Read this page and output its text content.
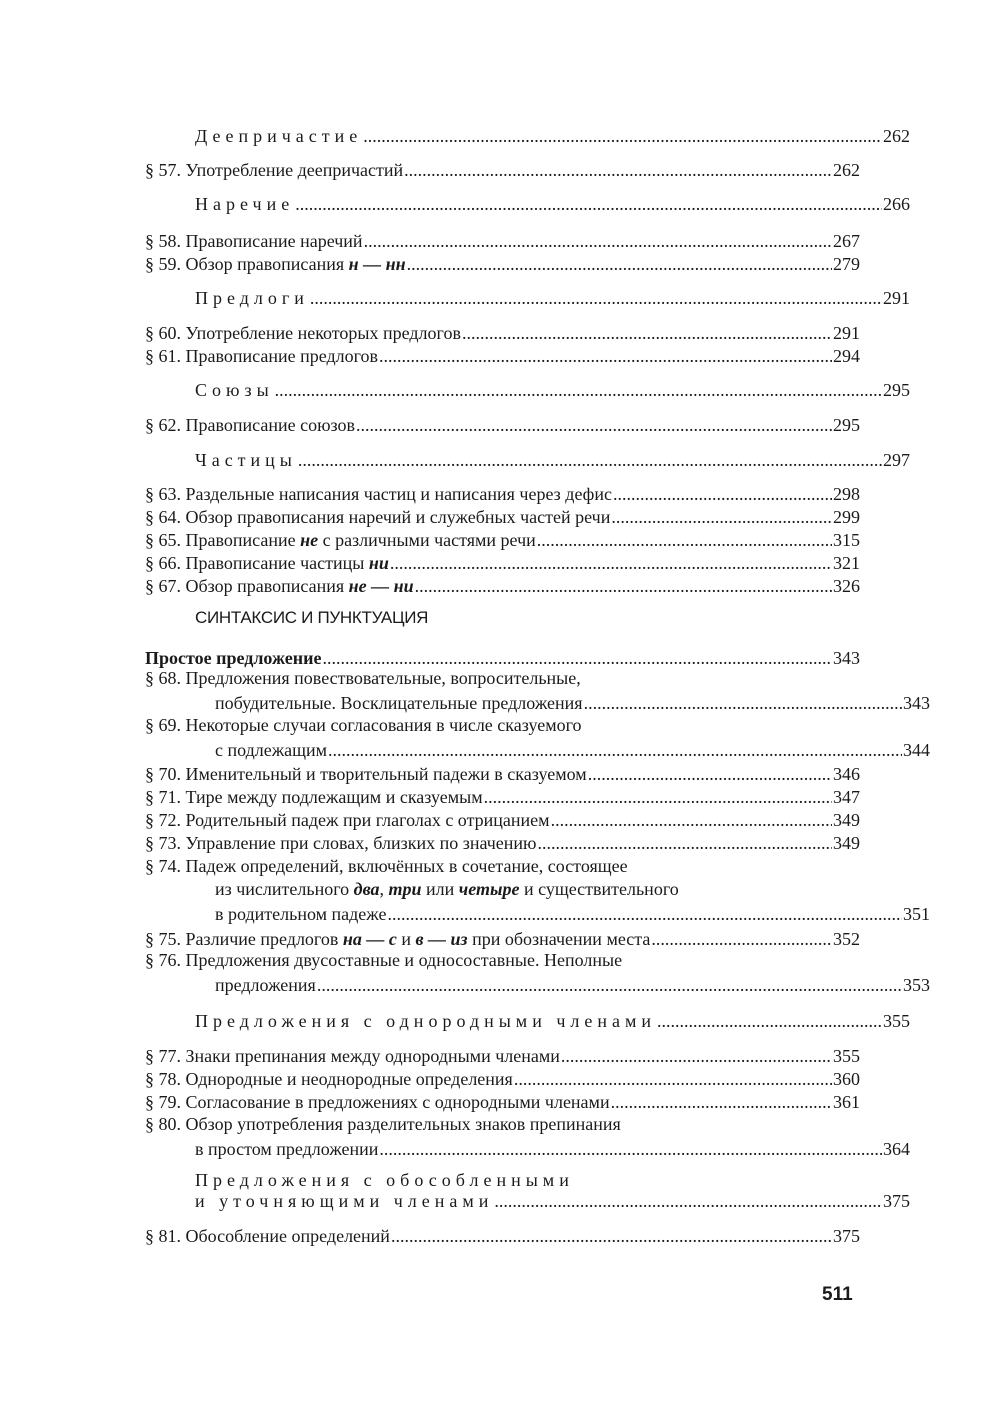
Деепричастие .....	262
§ 57. Употребление деепричастий .....	262
Наречие .....	266
§ 58. Правописание наречий .....	267
§ 59. Обзор правописания н — нн .....	279
Предлоги .....	291
§ 60. Употребление некоторых предлогов .....	291
§ 61. Правописание предлогов .....	294
Союзы .....	295
§ 62. Правописание союзов .....	295
Частицы .....	297
§ 63. Раздельные написания частиц и написания через дефис .....	298
§ 64. Обзор правописания наречий и служебных частей речи .....	299
§ 65. Правописание не с различными частями речи .....	315
§ 66. Правописание частицы ни .....	321
§ 67. Обзор правописания не — ни .....	326
СИНТАКСИС И ПУНКТУАЦИЯ
Простое предложение .....	343
§ 68. Предложения повествовательные, вопросительные,
побудительные. Восклицательные предложения .....	343
§ 69. Некоторые случаи согласования в числе сказуемого
с подлежащим .....	344
§ 70. Именительный и творительный падежи в сказуемом .....	346
§ 71. Тире между подлежащим и сказуемым .....	347
§ 72. Родительный падеж при глаголах с отрицанием .....	349
§ 73. Управление при словах, близких по значению .....	349
§ 74. Падеж определений, включённых в сочетание, состоящее
из числительного два, три или четыре и существительного
в родительном падеже .....	351
§ 75. Различие предлогов на — с и в — из при обозначении места .....	352
§ 76. Предложения двусоставные и односоставные. Неполные
предложения .....	353
Предложения с однородными членами .....	355
§ 77. Знаки препинания между однородными членами .....	355
§ 78. Однородные и неоднородные определения .....	360
§ 79. Согласование в предложениях с однородными членами .....	361
§ 80. Обзор употребления разделительных знаков препинания
в простом предложении .....	364
Предложения с обособленными
и уточняющими членами .....	375
§ 81. Обособление определений .....	375
511
